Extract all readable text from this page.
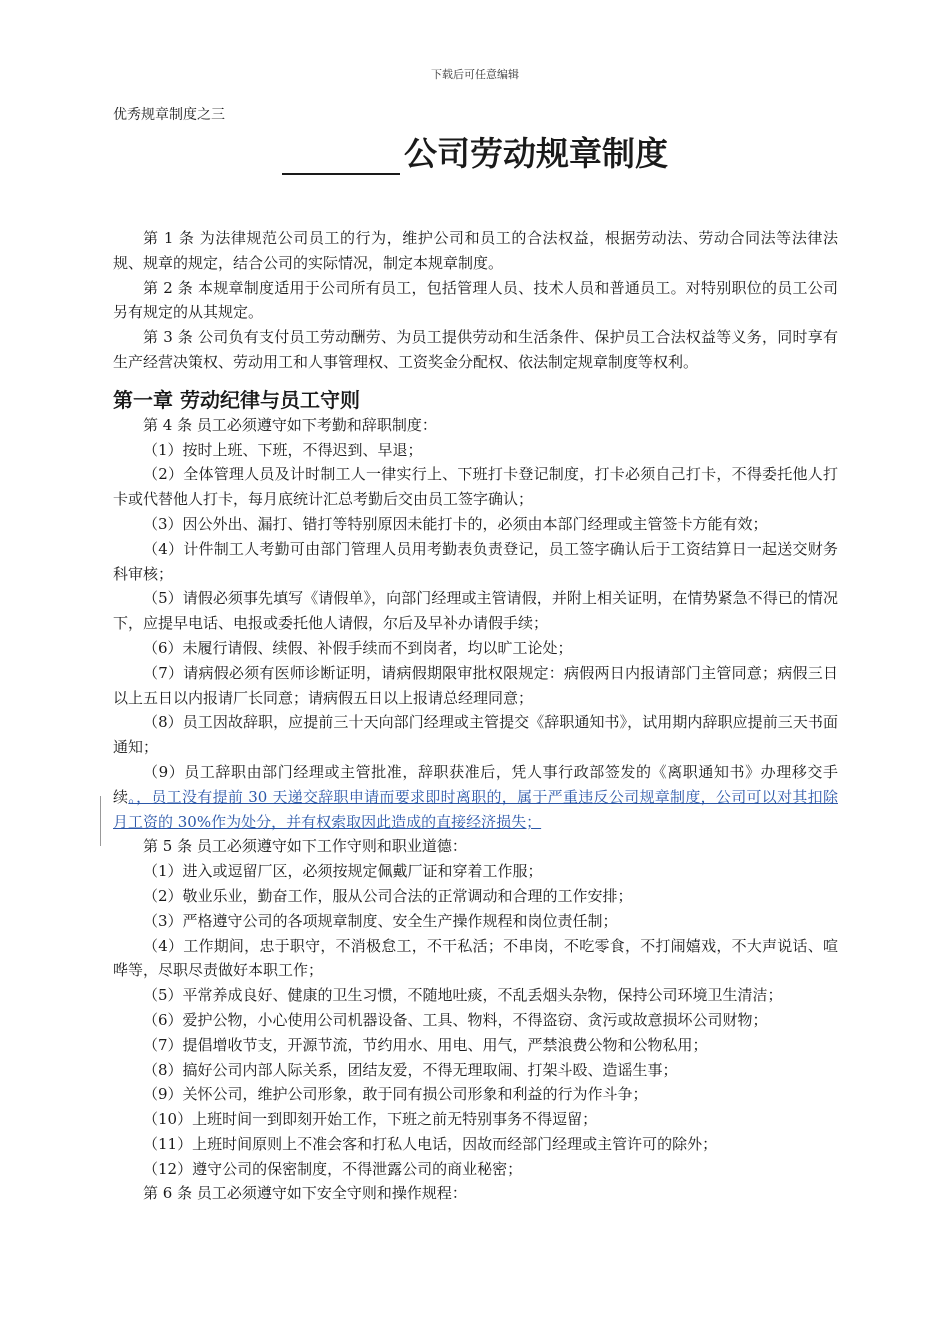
下载后可任意编辑
优秀规章制度之三
公司劳动规章制度

第 1 条 为法律规范公司员工的行为，维护公司和员工的合法权益，根据劳动法、劳动合同法等法律法规、规章的规定，结合公司的实际情况，制定本规章制度。

第 2 条 本规章制度适用于公司所有员工，包括管理人员、技术人员和普通员工。对特别职位的员工公司另有规定的从其规定。

第 3 条 公司负有支付员工劳动酬劳、为员工提供劳动和生活条件、保护员工合法权益等义务，同时享有生产经营决策权、劳动用工和人事管理权、工资奖金分配权、依法制定规章制度等权利。

第一章 劳动纪律与员工守则

第 4 条 员工必须遵守如下考勤和辞职制度：

（1）按时上班、下班，不得迟到、早退；

（2）全体管理人员及计时制工人一律实行上、下班打卡登记制度，打卡必须自己打卡，不得委托他人打卡或代替他人打卡，每月底统计汇总考勤后交由员工签字确认；

（3）因公外出、漏打、错打等特别原因未能打卡的，必须由本部门经理或主管签卡方能有效；

（4）计件制工人考勤可由部门管理人员用考勤表负责登记，员工签字确认后于工资结算日一起送交财务科审核；

（5）请假必须事先填写《请假单》，向部门经理或主管请假，并附上相关证明，在情势紧急不得已的情况下，应提早电话、电报或委托他人请假，尔后及早补办请假手续；

（6）未履行请假、续假、补假手续而不到岗者，均以旷工论处；

（7）请病假必须有医师诊断证明，请病假期限审批权限规定：病假两日内报请部门主管同意；病假三日以上五日以内报请厂长同意；请病假五日以上报请总经理同意；

（8）员工因故辞职，应提前三十天向部门经理或主管提交《辞职通知书》，试用期内辞职应提前三天书面通知；

（9）员工辞职由部门经理或主管批准，辞职获准后，凭人事行政部签发的《离职通知书》办理移交手续。，员工没有提前 30 天递交辞职申请而要求即时离职的，属于严重违反公司规章制度，公司可以对其扣除月工资的 30%作为处分，并有权索取因此造成的直接经济损失；

第 5 条 员工必须遵守如下工作守则和职业道德：

（1）进入或逗留厂区，必须按规定佩戴厂证和穿着工作服；

（2）敬业乐业，勤奋工作，服从公司合法的正常调动和合理的工作安排；

（3）严格遵守公司的各项规章制度、安全生产操作规程和岗位责任制；

（4）工作期间，忠于职守，不消极怠工，不干私活；不串岗，不吃零食，不打闹嬉戏，不大声说话、喧哗等，尽职尽责做好本职工作；

（5）平常养成良好、健康的卫生习惯，不随地吐痰，不乱丢烟头杂物，保持公司环境卫生清洁；

（6）爱护公物，小心使用公司机器设备、工具、物料，不得盗窃、贪污或故意损坏公司财物；

（7）提倡增收节支，开源节流，节约用水、用电、用气，严禁浪费公物和公物私用；

（8）搞好公司内部人际关系，团结友爱，不得无理取闹、打架斗殴、造谣生事；

（9）关怀公司，维护公司形象，敢于同有损公司形象和利益的行为作斗争；

（10）上班时间一到即刻开始工作，下班之前无特别事务不得逗留；

（11）上班时间原则上不准会客和打私人电话，因故而经部门经理或主管许可的除外；

（12）遵守公司的保密制度，不得泄露公司的商业秘密；

第 6 条 员工必须遵守如下安全守则和操作规程：
